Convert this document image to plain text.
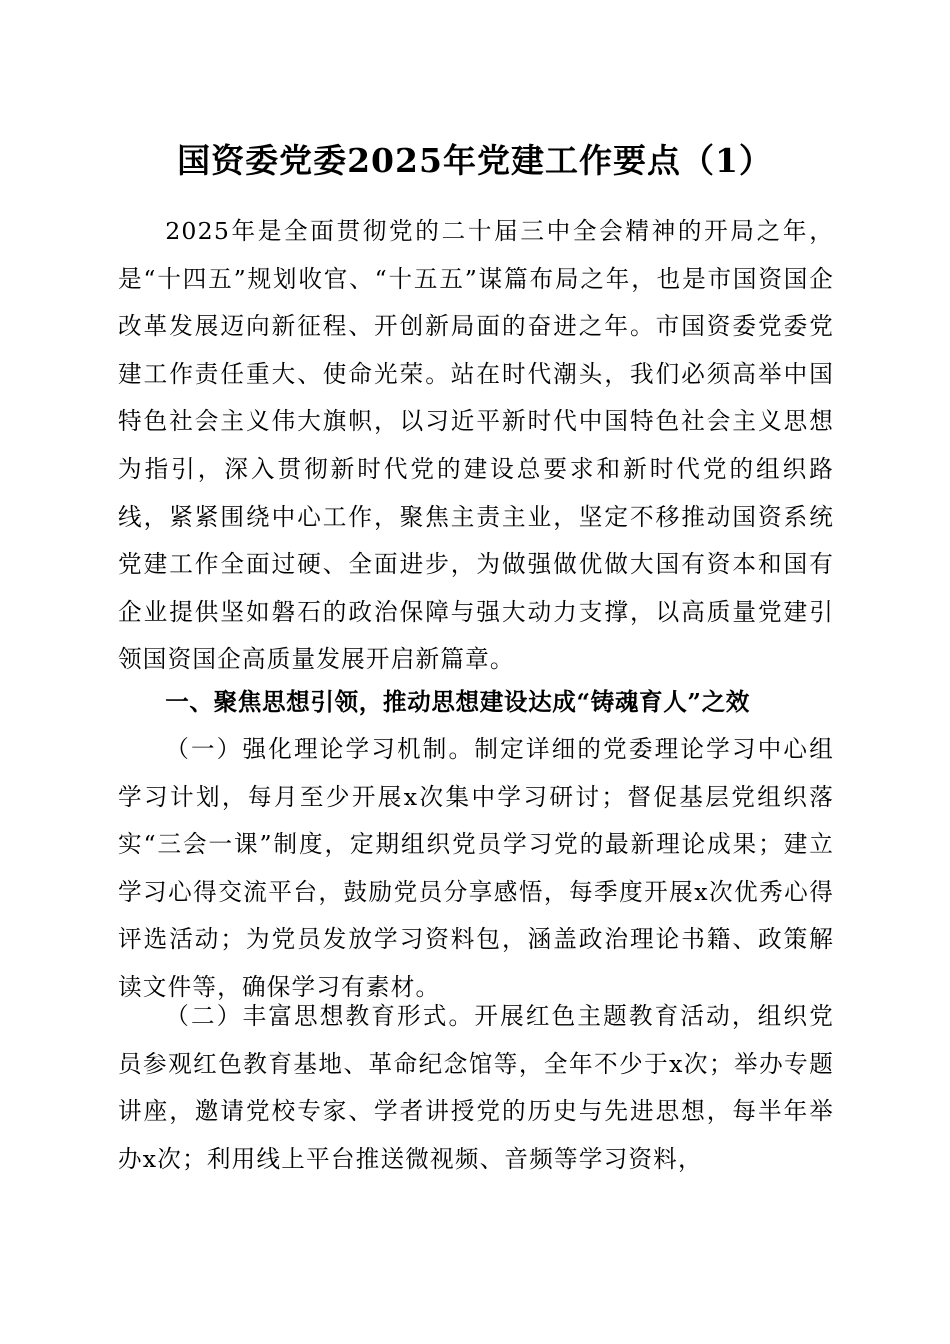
国资委党委2025年党建工作要点（1）

2025年是全面贯彻党的二十届三中全会精神的开局之年，是“十四五”规划收官、“十五五”谋篇布局之年，也是市国资国企改革发展迈向新征程、开创新局面的奋进之年。市国资委党委党建工作责任重大、使命光荣。站在时代潮头，我们必须高举中国特色社会主义伟大旗帜，以习近平新时代中国特色社会主义思想为指引，深入贯彻新时代党的建设总要求和新时代党的组织路线，紧紧围绕中心工作，聚焦主责主业，坚定不移推动国资系统党建工作全面过硬、全面进步，为做强做优做大国有资本和国有企业提供坚如磐石的政治保障与强大动力支撑，以高质量党建引领国资国企高质量发展开启新篇章。

一、聚焦思想引领，推动思想建设达成“铸魂育人”之效

（一）强化理论学习机制。制定详细的党委理论学习中心组学习计划，每月至少开展x次集中学习研讨；督促基层党组织落实“三会一课”制度，定期组织党员学习党的最新理论成果；建立学习心得交流平台，鼓励党员分享感悟，每季度开展x次优秀心得评选活动；为党员发放学习资料包，涵盖政治理论书籍、政策解读文件等，确保学习有素材。

（二）丰富思想教育形式。开展红色主题教育活动，组织党员参观红色教育基地、革命纪念馆等，全年不少于x次；举办专题讲座，邀请党校专家、学者讲授党的历史与先进思想，每半年举办x次；利用线上平台推送微视频、音频等学习资料，
